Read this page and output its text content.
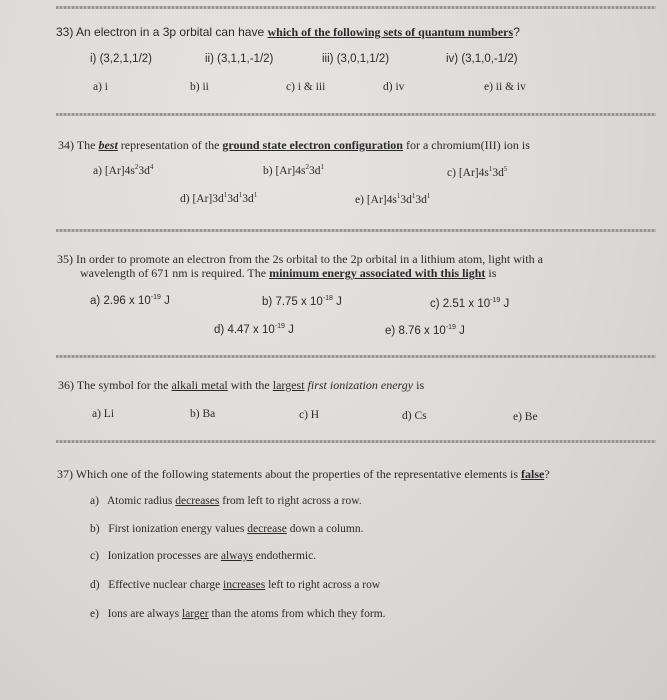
33) An electron in a 3p orbital can have which of the following sets of quantum numbers?
i) (3,2,1,1/2)	ii) (3,1,1,-1/2)	iii) (3,0,1,1/2)	iv) (3,1,0,-1/2)
a) i	b) ii	c) i & iii	d) iv	e) ii & iv
34) The best representation of the ground state electron configuration for a chromium(III) ion is
a) $[Ar]4s^23d^4$	b) $[Ar]4s^23d^1$	c) $[Ar]4s^13d^5$
d) $[Ar]3d^13d^13d^1$	e) $[Ar]4s^13d^13d^1$
35) In order to promote an electron from the 2s orbital to the 2p orbital in a lithium atom, light with a
wavelength of 671 nm is required. The minimum energy associated with this light is
a) 2.96 x $10^{-19}$ J	b) 7.75 x $10^{-18}$ J	c) 2.51 x $10^{-19}$ J
d) 4.47 x $10^{-19}$ J	e) 8.76 x $10^{-19}$ J
36) The symbol for the alkali metal with the largest first ionization energy is
a) Li	b) Ba	c) H	d) Cs	e) Be
37) Which one of the following statements about the properties of the representative elements is false?
a) Atomic radius decreases from left to right across a row.
b) First ionization energy values decrease down a column.
c) Ionization processes are always endothermic.
d) Effective nuclear charge increases left to right across a row
e) Ions are always larger than the atoms from which they form.
